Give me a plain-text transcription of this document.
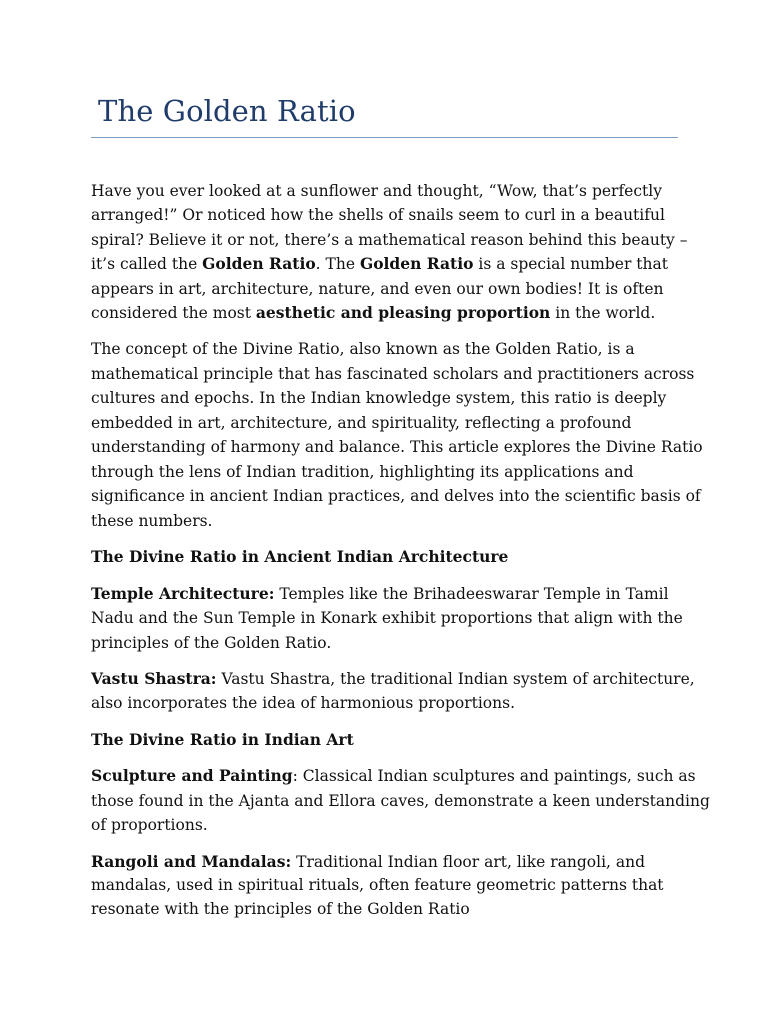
The Golden Ratio

Have you ever looked at a sunflower and thought, “Wow, that’s perfectly
arranged!” Or noticed how the shells of snails seem to curl in a beautiful
spiral? Believe it or not, there’s a mathematical reason behind this beauty –
it’s called the Golden Ratio. The Golden Ratio is a special number that
appears in art, architecture, nature, and even our own bodies! It is often
considered the most aesthetic and pleasing proportion in the world.

The concept of the Divine Ratio, also known as the Golden Ratio, is a
mathematical principle that has fascinated scholars and practitioners across
cultures and epochs. In the Indian knowledge system, this ratio is deeply
embedded in art, architecture, and spirituality, reflecting a profound
understanding of harmony and balance. This article explores the Divine Ratio
through the lens of Indian tradition, highlighting its applications and
significance in ancient Indian practices, and delves into the scientific basis of
these numbers.

The Divine Ratio in Ancient Indian Architecture

Temple Architecture: Temples like the Brihadeeswarar Temple in Tamil
Nadu and the Sun Temple in Konark exhibit proportions that align with the
principles of the Golden Ratio.

Vastu Shastra: Vastu Shastra, the traditional Indian system of architecture,
also incorporates the idea of harmonious proportions.

The Divine Ratio in Indian Art

Sculpture and Painting: Classical Indian sculptures and paintings, such as
those found in the Ajanta and Ellora caves, demonstrate a keen understanding
of proportions.

Rangoli and Mandalas: Traditional Indian floor art, like rangoli, and
mandalas, used in spiritual rituals, often feature geometric patterns that
resonate with the principles of the Golden Ratio
